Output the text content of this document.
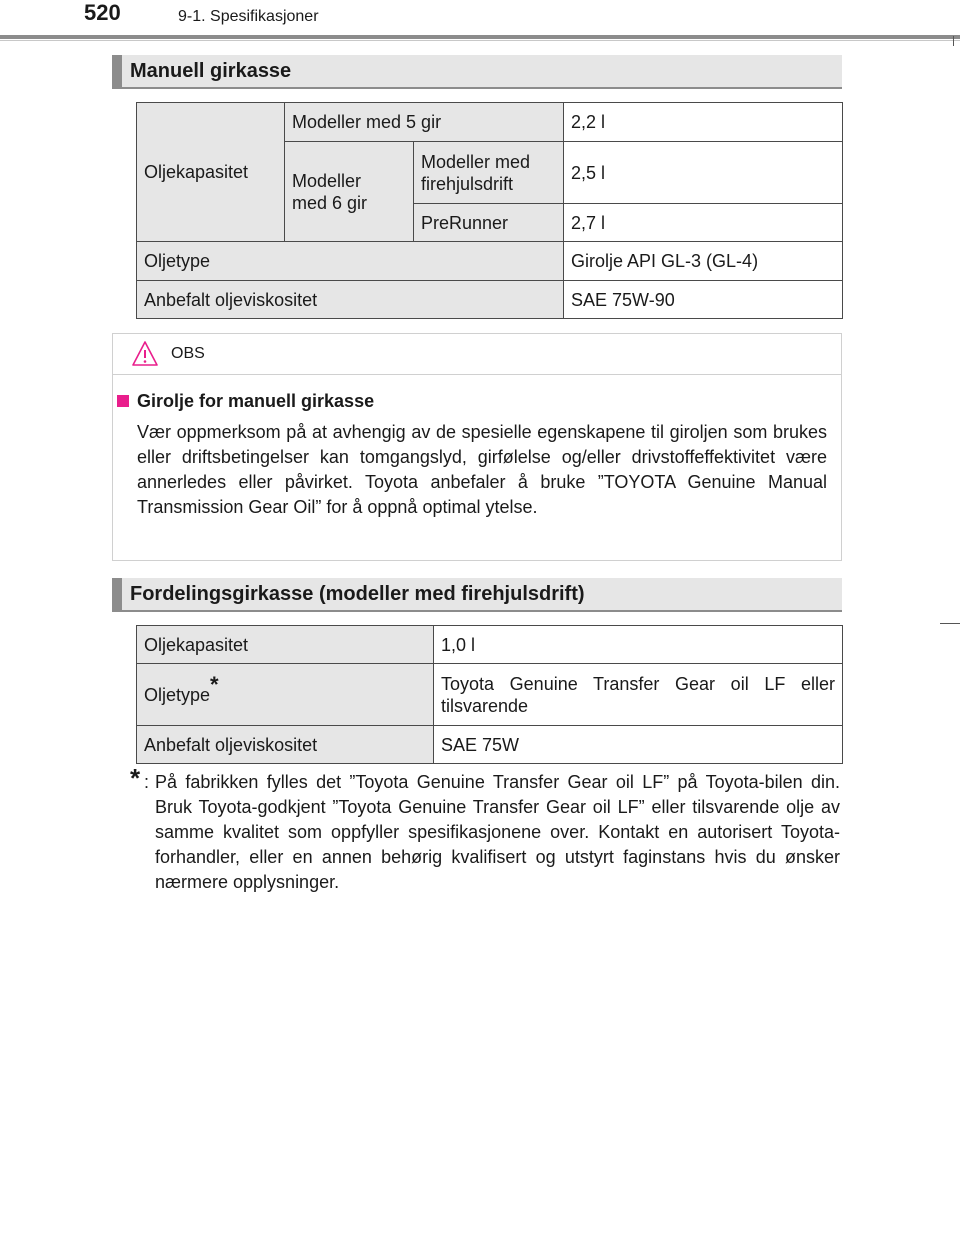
520	9-1. Spesifikasjoner
Manuell girkasse
Oljekapasitet	Modeller med 5 gir		2,2 l
	Modeller med 6 gir	Modeller med firehjulsdrift	2,5 l
		PreRunner	2,7 l
Oljetype			Girolje API GL-3 (GL-4)
Anbefalt oljeviskositet			SAE 75W-90
OBS
Girolje for manuell girkasse
Vær oppmerksom på at avhengig av de spesielle egenskapene til giroljen som brukes eller driftsbetingelser kan tomgangslyd, girfølelse og/eller drivstoffeffektivitet være annerledes eller påvirket. Toyota anbefaler å bruke ”TOYOTA Genuine Manual Transmission Gear Oil” for å oppnå optimal ytelse.
Fordelingsgirkasse (modeller med firehjulsdrift)
Oljekapasitet	1,0 l
Oljetype*	Toyota Genuine Transfer Gear oil LF eller tilsvarende
Anbefalt oljeviskositet	SAE 75W
* : På fabrikken fylles det ”Toyota Genuine Transfer Gear oil LF” på Toyota-bilen din. Bruk Toyota-godkjent ”Toyota Genuine Transfer Gear oil LF” eller tilsvarende olje av samme kvalitet som oppfyller spesifikasjonene over. Kontakt en autorisert Toyota-forhandler, eller en annen behørig kvalifisert og utstyrt faginstans hvis du ønsker nærmere opplysninger.
